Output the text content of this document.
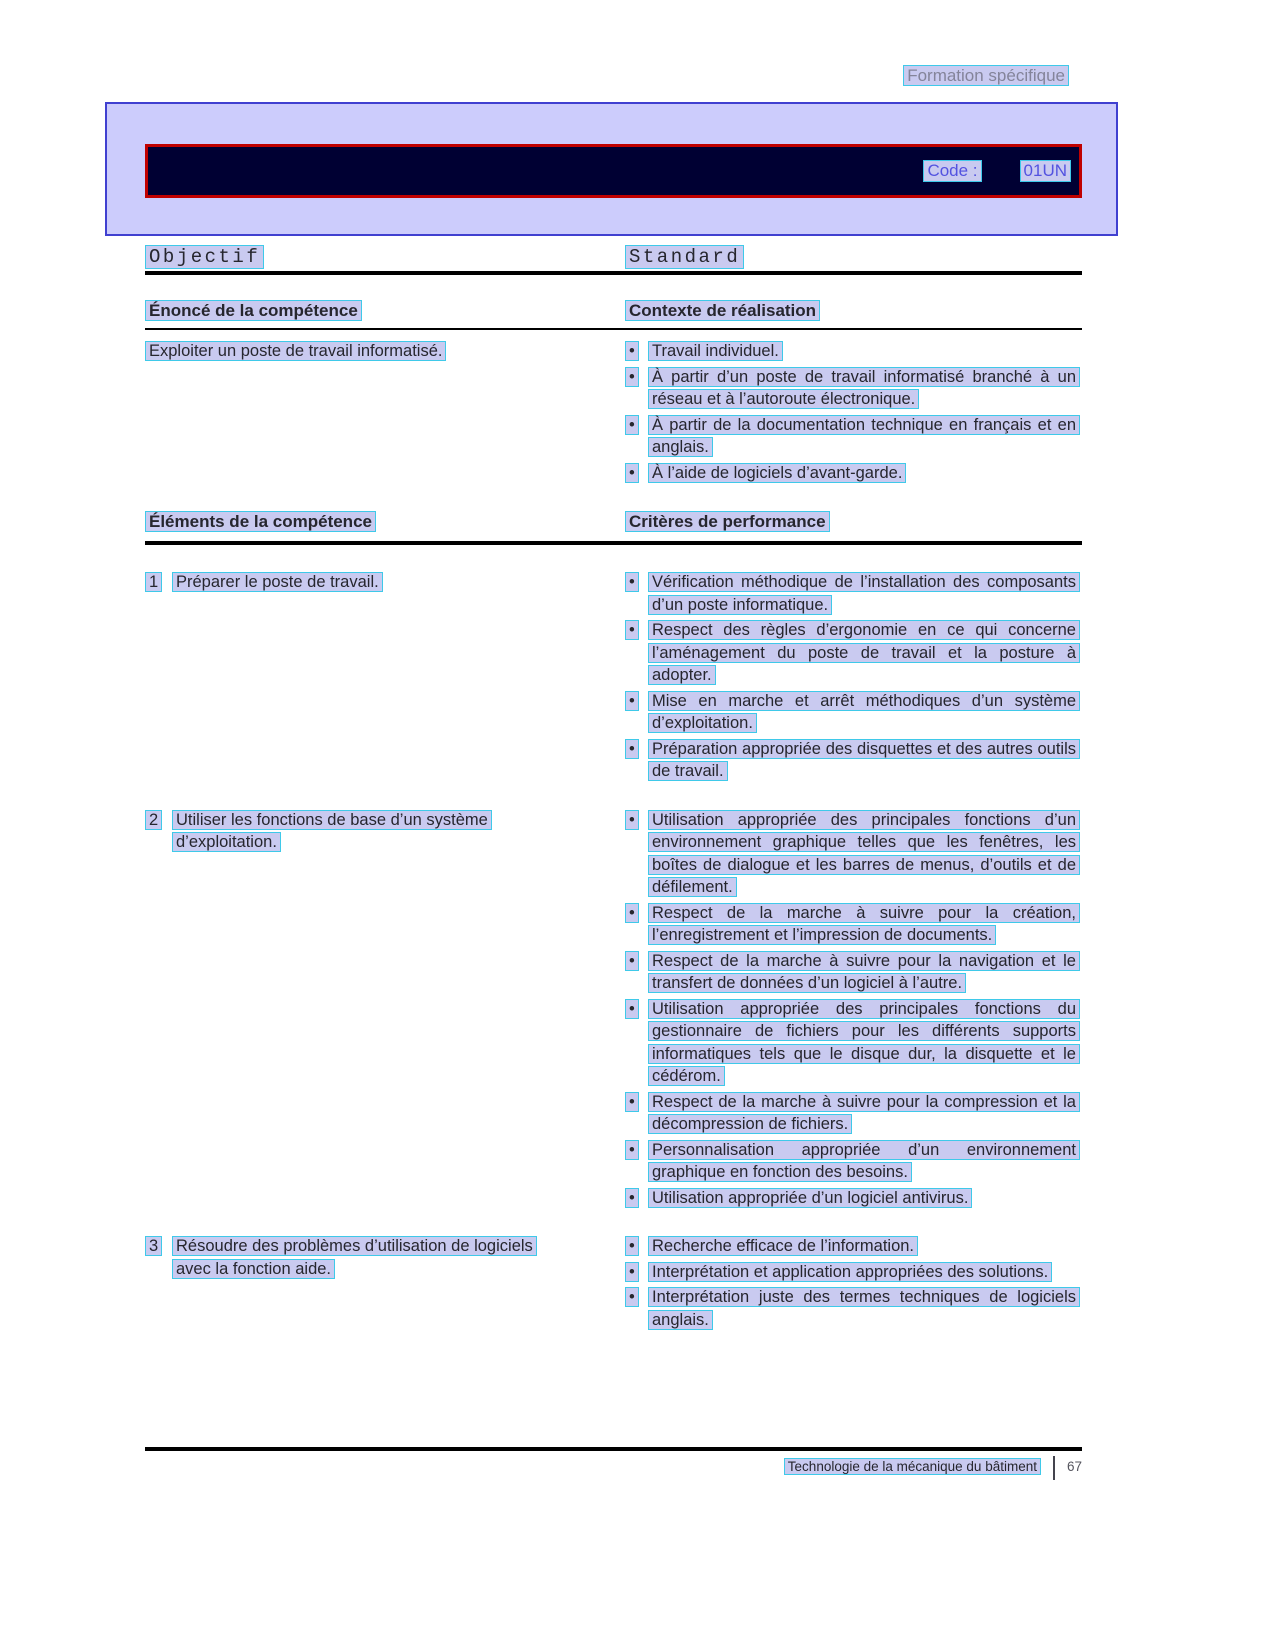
Formation spécifique
Code :	01UN
Objectif	Standard
Énoncé de la compétence	Contexte de réalisation
Exploiter un poste de travail informatisé.	•	Travail individuel.
•	À partir d’un poste de travail informatisé branché à un réseau et à l’autoroute électronique.
•	À partir de la documentation technique en français et en anglais.
•	À l’aide de logiciels d’avant-garde.
Éléments de la compétence	Critères de performance
1	Préparer le poste de travail.	•	Vérification méthodique de l’installation des composants d’un poste informatique.
•	Respect des règles d’ergonomie en ce qui concerne l’aménagement du poste de travail et la posture à adopter.
•	Mise en marche et arrêt méthodiques d’un système d’exploitation.
•	Préparation appropriée des disquettes et des autres outils de travail.
2	Utiliser les fonctions de base d’un système d’exploitation.
•	Utilisation appropriée des principales fonctions d’un environnement graphique telles que les fenêtres, les boîtes de dialogue et les barres de menus, d’outils et de défilement.
•	Respect de la marche à suivre pour la création, l’enregistrement et l’impression de documents.
•	Respect de la marche à suivre pour la navigation et le transfert de données d’un logiciel à l’autre.
•	Utilisation appropriée des principales fonctions du gestionnaire de fichiers pour les différents supports informatiques tels que le disque dur, la disquette et le cédérom.
•	Respect de la marche à suivre pour la compression et la décompression de fichiers.
•	Personnalisation appropriée d’un environnement graphique en fonction des besoins.
•	Utilisation appropriée d’un logiciel antivirus.
3	Résoudre des problèmes d’utilisation de logiciels avec la fonction aide.
•	Recherche efficace de l’information.
•	Interprétation et application appropriées des solutions.
•	Interprétation juste des termes techniques de logiciels anglais.
Technologie de la mécanique du bâtiment 67
